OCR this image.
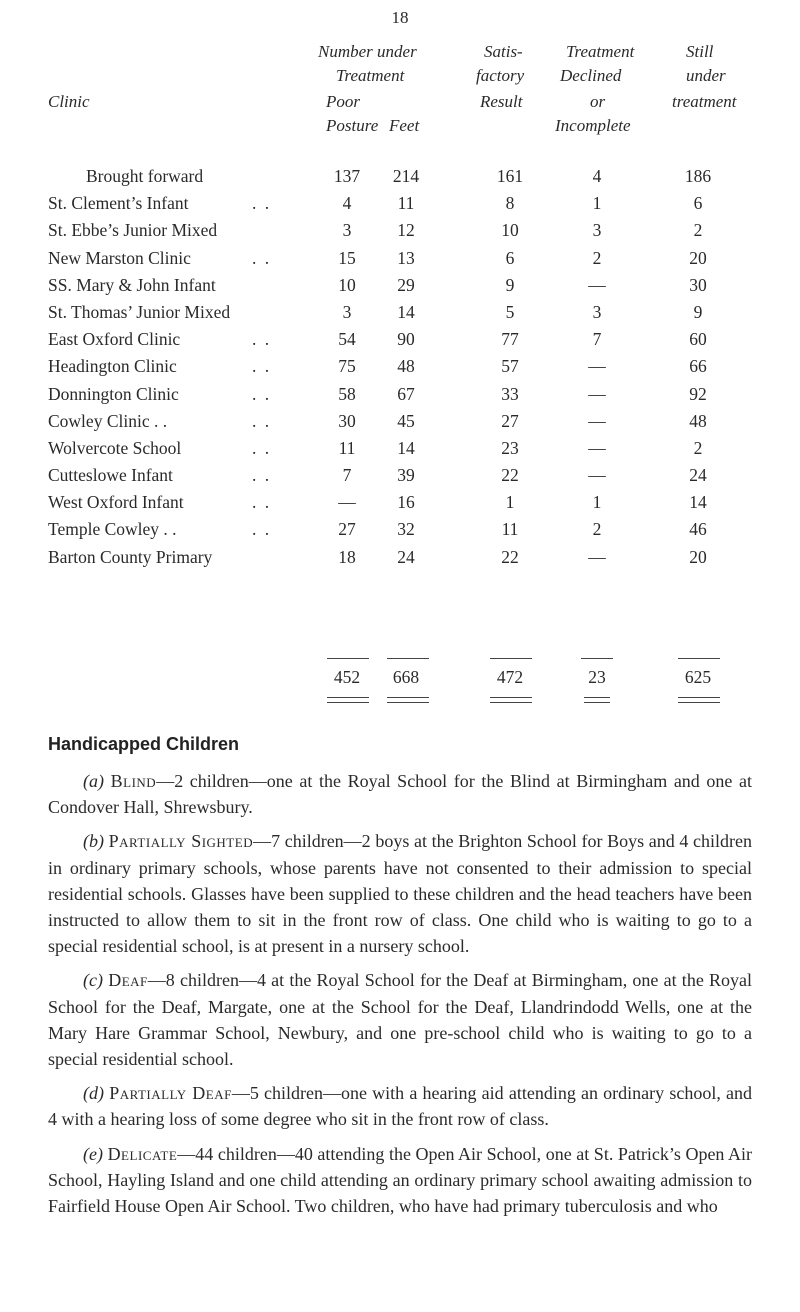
18
Number under
Treatment
Clinic	Poor
Posture Feet
Satis-
factory
Result
Treatment
Declined
or
Incomplete
Still
under
treatment
Brought forward	137	214	161	4	186
St. Clement’s Infant	. .	4	11	8	1	6
St. Ebbe’s Junior Mixed	3	12	10	3	2
New Marston Clinic	. .	15	13	6	2	20
SS. Mary & John Infant	10	29	9	—	30
St. Thomas’ Junior Mixed	3	14	5	3	9
East Oxford Clinic	. .	54	90	77	7	60
Headington Clinic	. .	75	48	57	—	66
Donnington Clinic	. .	58	67	33	—	92
Cowley Clinic . .	. .	30	45	27	—	48
Wolvercote School	. .	11	14	23	—	2
Cutteslowe Infant	. .	7	39	22	—	24
West Oxford Infant	. .	—	16	1	1	14
Temple Cowley . .	. .	27	32	11	2	46
Barton County Primary	18	24	22	—	20
452	668	472	23	625
Handicapped Children

(a) Blind—2 children—one at the Royal School for the Blind at Birmingham and one at Condover Hall, Shrewsbury.

(b) Partially Sighted—7 children—2 boys at the Brighton School for Boys and 4 children in ordinary primary schools, whose parents have not consented to their admission to special residential schools. Glasses have been supplied to these children and the head teachers have been instructed to allow them to sit in the front row of class. One child who is waiting to go to a special residential school, is at present in a nursery school.

(c) Deaf—8 children—4 at the Royal School for the Deaf at Birmingham, one at the Royal School for the Deaf, Margate, one at the School for the Deaf, Llandrindodd Wells, one at the Mary Hare Grammar School, Newbury, and one pre-school child who is waiting to go to a special residential school.

(d) Partially Deaf—5 children—one with a hearing aid attending an ordinary school, and 4 with a hearing loss of some degree who sit in the front row of class.

(e) Delicate—44 children—40 attending the Open Air School, one at St. Patrick’s Open Air School, Hayling Island and one child attending an ordinary primary school awaiting admission to Fairfield House Open Air School. Two children, who have had primary tuberculosis and who
